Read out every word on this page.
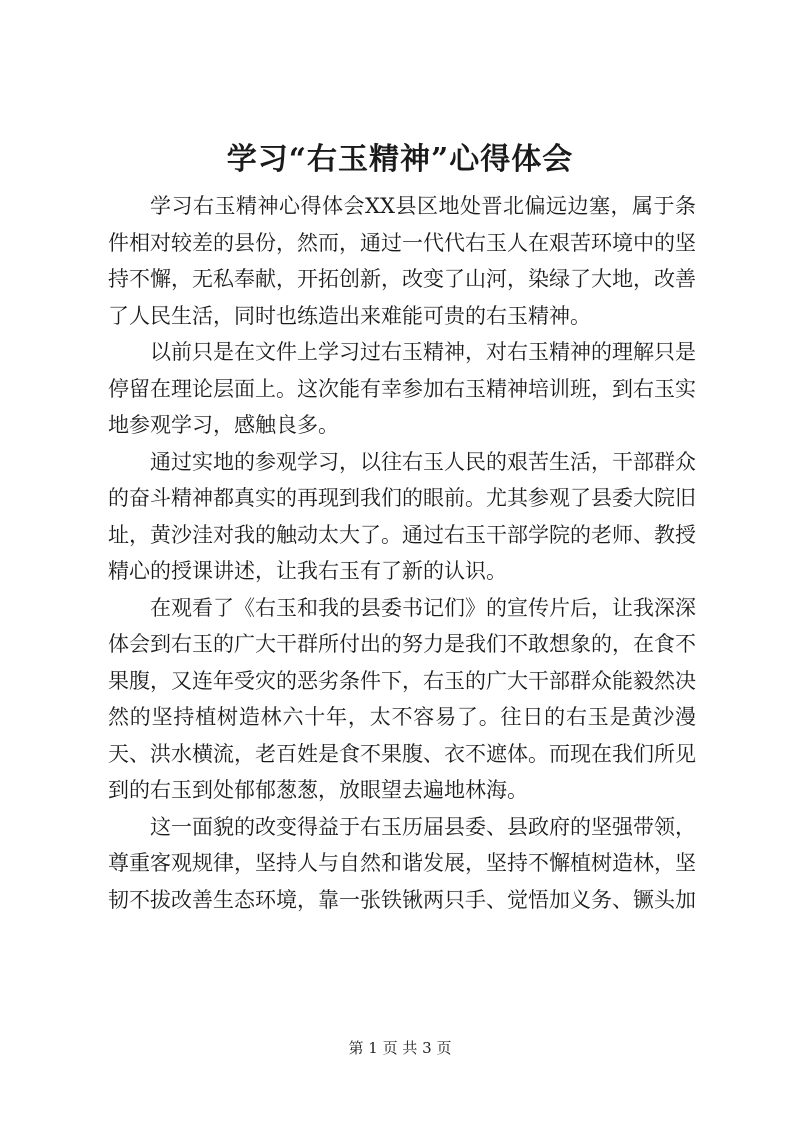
学习“右玉精神”心得体会

学习右玉精神心得体会XX县区地处晋北偏远边塞，属于条件相对较差的县份，然而，通过一代代右玉人在艰苦环境中的坚持不懈，无私奉献，开拓创新，改变了山河，染绿了大地，改善了人民生活，同时也练造出来难能可贵的右玉精神。

以前只是在文件上学习过右玉精神，对右玉精神的理解只是停留在理论层面上。这次能有幸参加右玉精神培训班，到右玉实地参观学习，感触良多。

通过实地的参观学习，以往右玉人民的艰苦生活，干部群众的奋斗精神都真实的再现到我们的眼前。尤其参观了县委大院旧址，黄沙洼对我的触动太大了。通过右玉干部学院的老师、教授精心的授课讲述，让我右玉有了新的认识。

在观看了《右玉和我的县委书记们》的宣传片后，让我深深体会到右玉的广大干群所付出的努力是我们不敢想象的，在食不果腹，又连年受灾的恶劣条件下，右玉的广大干部群众能毅然决然的坚持植树造林六十年，太不容易了。往日的右玉是黄沙漫天、洪水横流，老百姓是食不果腹、衣不遮体。而现在我们所见到的右玉到处郁郁葱葱，放眼望去遍地林海。

这一面貌的改变得益于右玉历届县委、县政府的坚强带领，尊重客观规律，坚持人与自然和谐发展，坚持不懈植树造林，坚韧不拔改善生态环境，靠一张铁锹两只手、觉悟加义务、镢头加

第 1 页 共 3 页
